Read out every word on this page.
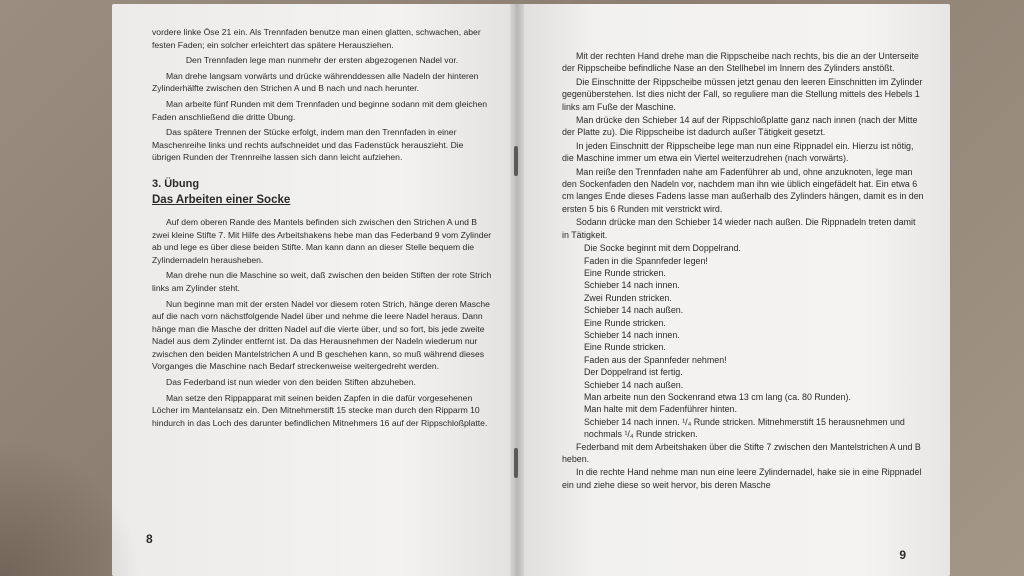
vordere linke Öse 21 ein. Als Trennfaden benutze man einen glatten, schwachen, aber festen Faden; ein solcher erleichtert das spätere Herausziehen.

Den Trennfaden lege man nunmehr der ersten abgezogenen Nadel vor.

Man drehe langsam vorwärts und drücke währenddessen alle Nadeln der hinteren Zylinderhälfte zwischen den Strichen A und B nach und nach herunter.

Man arbeite fünf Runden mit dem Trennfaden und beginne sodann mit dem gleichen Faden anschließend die dritte Übung.

Das spätere Trennen der Stücke erfolgt, indem man den Trennfaden in einer Maschenreihe links und rechts aufschneidet und das Fadenstück herauszieht. Die übrigen Runden der Trennreihe lassen sich dann leicht aufziehen.

3. Übung
Das Arbeiten einer Socke

Auf dem oberen Rande des Mantels befinden sich zwischen den Strichen A und B zwei kleine Stifte 7. Mit Hilfe des Arbeitshakens hebe man das Federband 9 vom Zylinder ab und lege es über diese beiden Stifte. Man kann dann an dieser Stelle bequem die Zylindernadeln herausheben.

Man drehe nun die Maschine so weit, daß zwischen den beiden Stiften der rote Strich links am Zylinder steht.

Nun beginne man mit der ersten Nadel vor diesem roten Strich, hänge deren Masche auf die nach vorn nächstfolgende Nadel über und nehme die leere Nadel heraus. Dann hänge man die Masche der dritten Nadel auf die vierte über, und so fort, bis jede zweite Nadel aus dem Zylinder entfernt ist. Da das Herausnehmen der Nadeln wiederum nur zwischen den beiden Mantelstrichen A und B geschehen kann, so muß während dieses Vorganges die Maschine nach Bedarf streckenweise weitergedreht werden.

Das Federband ist nun wieder von den beiden Stiften abzuheben.

Man setze den Rippapparat mit seinen beiden Zapfen in die dafür vorgesehenen Löcher im Mantelansatz ein. Den Mitnehmerstift 15 stecke man durch den Ripparm 10 hindurch in das Loch des darunter befindlichen Mitnehmers 16 auf der Rippschloßplatte.

8

Mit der rechten Hand drehe man die Rippscheibe nach rechts, bis die an der Unterseite der Rippscheibe befindliche Nase an den Stellhebel im Innern des Zylinders anstößt.

Die Einschnitte der Rippscheibe müssen jetzt genau den leeren Einschnitten im Zylinder gegenüberstehen. Ist dies nicht der Fall, so reguliere man die Stellung mittels des Hebels 1 links am Fuße der Maschine.

Man drücke den Schieber 14 auf der Rippschloßplatte ganz nach innen (nach der Mitte der Platte zu). Die Rippscheibe ist dadurch außer Tätigkeit gesetzt.

In jeden Einschnitt der Rippscheibe lege man nun eine Rippnadel ein. Hierzu ist nötig, die Maschine immer um etwa ein Viertel weiterzudrehen (nach vorwärts).

Man reiße den Trennfaden nahe am Fadenführer ab und, ohne anzuknoten, lege man den Sockenfaden den Nadeln vor, nachdem man ihn wie üblich eingefädelt hat. Ein etwa 6 cm langes Ende dieses Fadens lasse man außerhalb des Zylinders hängen, damit es in den ersten 5 bis 6 Runden mit verstrickt wird.

Sodann drücke man den Schieber 14 wieder nach außen. Die Rippnadeln treten damit in Tätigkeit.

Die Socke beginnt mit dem Doppelrand.
Faden in die Spannfeder legen!
Eine Runde stricken.
Schieber 14 nach innen.
Zwei Runden stricken.
Schieber 14 nach außen.
Eine Runde stricken.
Schieber 14 nach innen.
Eine Runde stricken.
Faden aus der Spannfeder nehmen!
Der Doppelrand ist fertig.
Schieber 14 nach außen.
Man arbeite nun den Sockenrand etwa 13 cm lang (ca. 80 Runden).
Man halte mit dem Fadenführer hinten.
Schieber 14 nach innen. ¹/₄ Runde stricken. Mitnehmerstift 15 herausnehmen und nochmals ¹/₄ Runde stricken.

Federband mit dem Arbeitshaken über die Stifte 7 zwischen den Mantelstrichen A und B heben.

In die rechte Hand nehme man nun eine leere Zylindernadel, hake sie in eine Rippnadel ein und ziehe diese so weit hervor, bis deren Masche

9
